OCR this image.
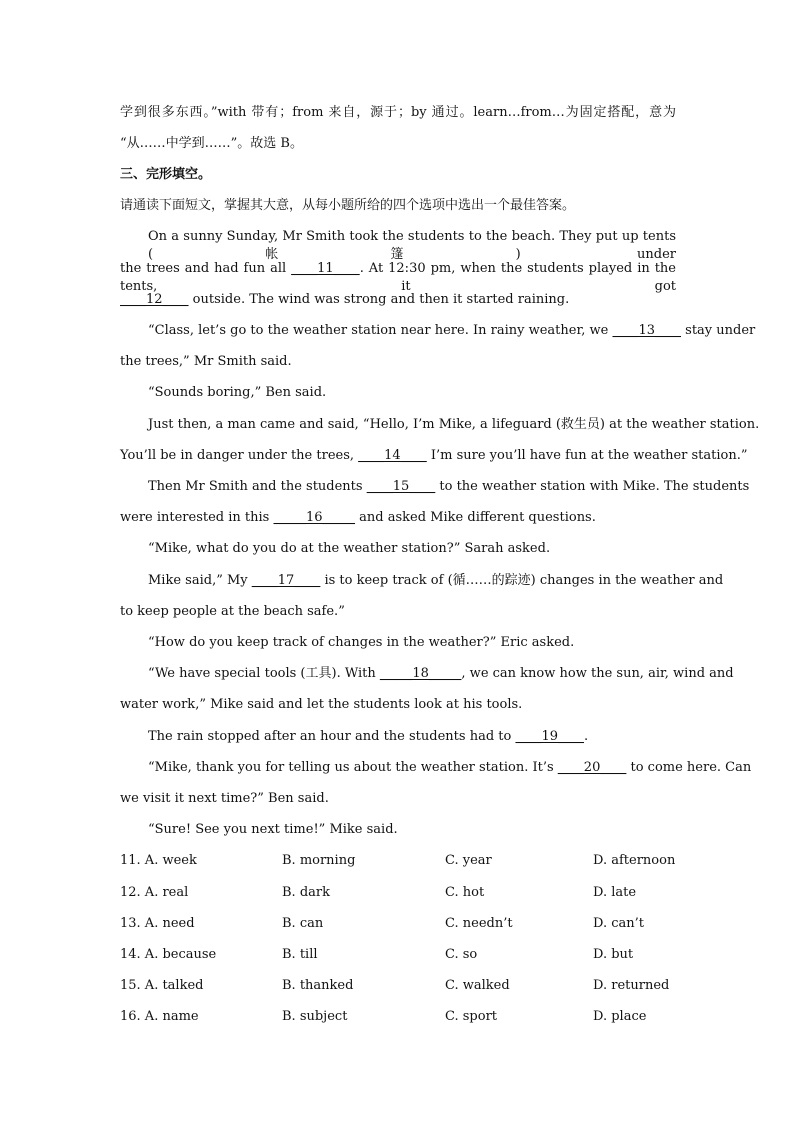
学到很多东西。”with 带有；from 来自，源于；by 通过。learn…from…为固定搭配，意为
“从……中学到……”。故选 B。
三、完形填空。
请通读下面短文，掌握其大意，从每小题所给的四个选项中选出一个最佳答案。
On a sunny Sunday, Mr Smith took the students to the beach. They put up tents (帐篷) under
the trees and had fun all ____11____. At 12:30 pm, when the students played in the tents, it got
____12____ outside. The wind was strong and then it started raining.
“Class, let’s go to the weather station near here. In rainy weather, we ____13____ stay under
the trees,” Mr Smith said.
“Sounds boring,” Ben said.
Just then, a man came and said, “Hello, I’m Mike, a lifeguard (救生员) at the weather station.
You’ll be in danger under the trees, ____14____ I’m sure you’ll have fun at the weather station.”
Then Mr Smith and the students ____15____ to the weather station with Mike. The students
were interested in this _____16_____ and asked Mike different questions.
“Mike, what do you do at the weather station?” Sarah asked.
Mike said,” My ____17____ is to keep track of (循……的踪迹) changes in the weather and
to keep people at the beach safe.”
“How do you keep track of changes in the weather?” Eric asked.
“We have special tools (工具). With _____18_____, we can know how the sun, air, wind and
water work,” Mike said and let the students look at his tools.
The rain stopped after an hour and the students had to ____19____.
“Mike, thank you for telling us about the weather station. It’s ____20____ to come here. Can
we visit it next time?” Ben said.
“Sure! See you next time!” Mike said.
11. A. week	B. morning	C. year	D. afternoon
12. A. real	B. dark	C. hot	D. late
13. A. need	B. can	C. needn’t	D. can’t
14. A. because	B. till	C. so	D. but
15. A. talked	B. thanked	C. walked	D. returned
16. A. name	B. subject	C. sport	D. place
